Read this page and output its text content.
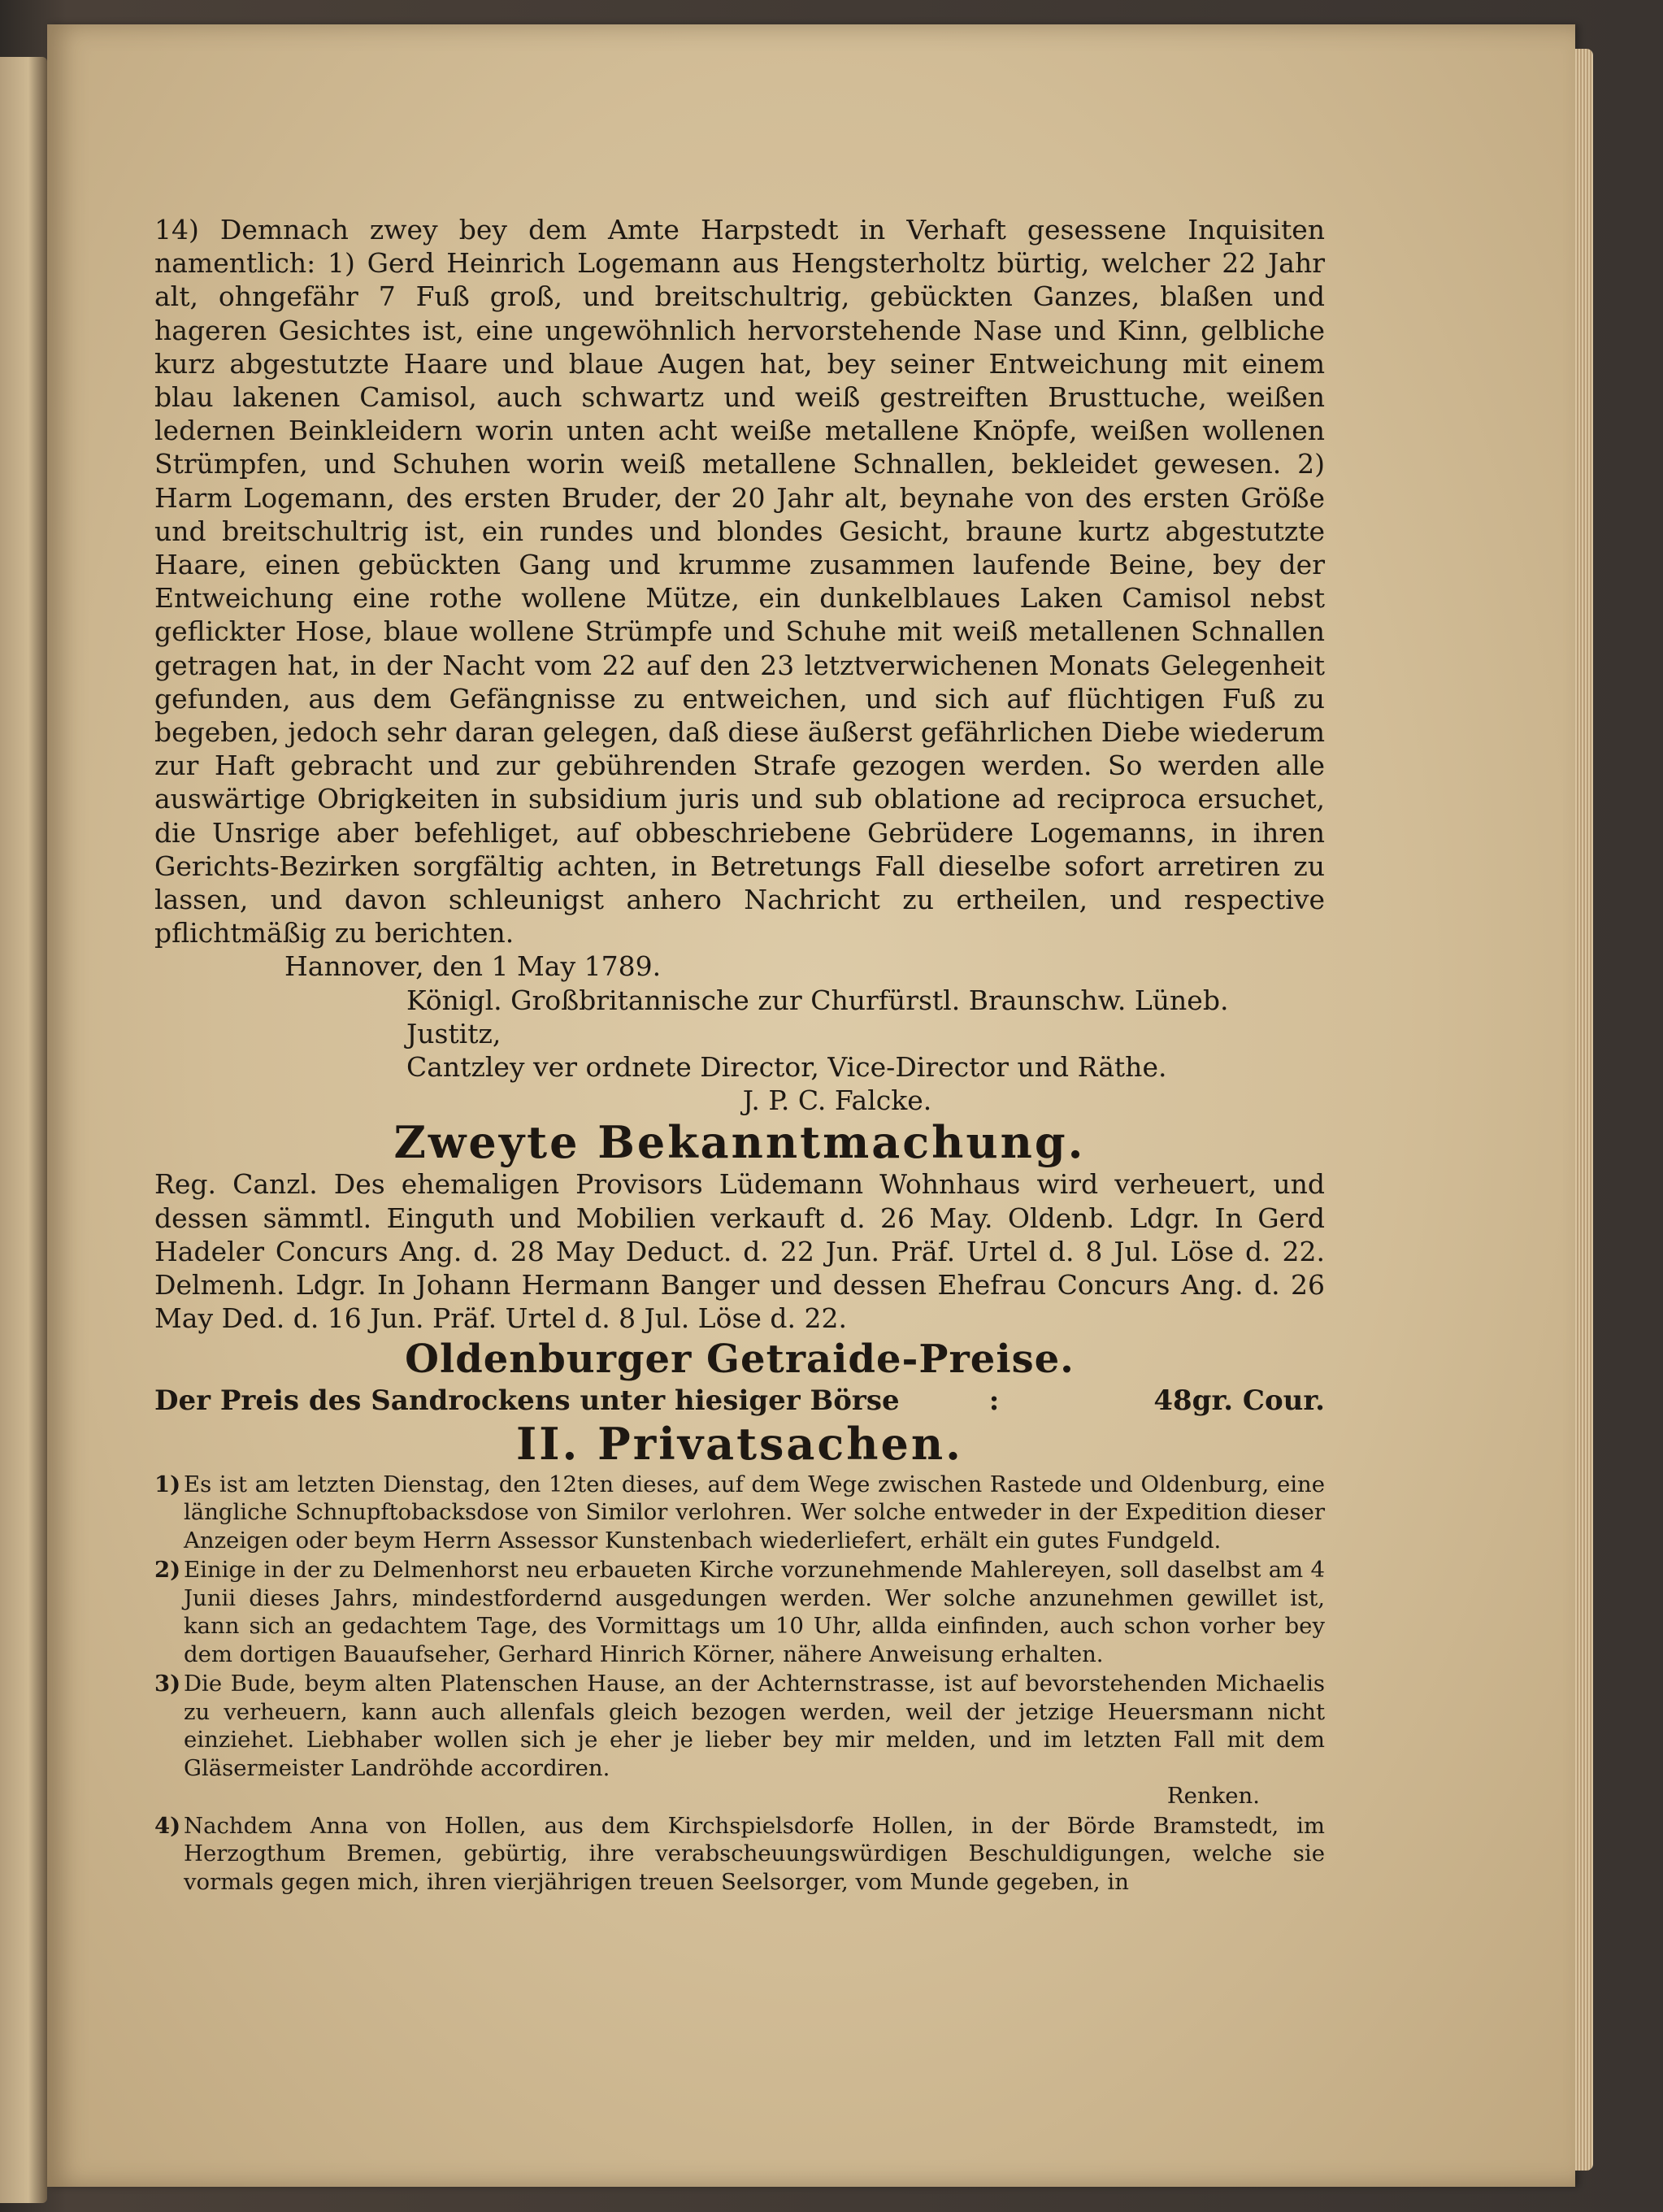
14) Demnach zwey bey dem Amte Harpstedt in Verhaft gesessene Inquisiten namentlich: 1) Gerd Heinrich Logemann aus Hengsterholtz bürtig, welcher 22 Jahr alt, ohngefähr 7 Fuß groß, und breitschultrig, gebückten Ganzes, blaßen und hageren Gesichtes ist, eine ungewöhnlich hervorstehende Nase und Kinn, gelbliche kurz abgestutzte Haare und blaue Augen hat, bey seiner Entweichung mit einem blau lakenen Camisol, auch schwartz und weiß gestreiften Brusttuche, weißen ledernen Beinkleidern worin unten acht weiße metallene Knöpfe, weißen wollenen Strümpfen, und Schuhen worin weiß metallene Schnallen, bekleidet gewesen. 2) Harm Logemann, des ersten Bruder, der 20 Jahr alt, beynahe von des ersten Größe und breitschultrig ist, ein rundes und blondes Gesicht, braune kurtz abgestutzte Haare, einen gebückten Gang und krumme zusammen laufende Beine, bey der Entweichung eine rothe wollene Mütze, ein dunkelblaues Laken Camisol nebst geflickter Hose, blaue wollene Strümpfe und Schuhe mit weiß metallenen Schnallen getragen hat, in der Nacht vom 22 auf den 23 letztverwichenen Monats Gelegenheit gefunden, aus dem Gefängnisse zu entweichen, und sich auf flüchtigen Fuß zu begeben, jedoch sehr daran gelegen, daß diese äußerst gefährlichen Diebe wiederum zur Haft gebracht und zur gebührenden Strafe gezogen werden. So werden alle auswärtige Obrigkeiten in subsidium juris und sub oblatione ad reciproca ersuchet, die Unsrige aber befehliget, auf obbeschriebene Gebrüdere Logemanns, in ihren Gerichts-Bezirken sorgfältig achten, in Betretungs Fall dieselbe sofort arretiren zu lassen, und davon schleunigst anhero Nachricht zu ertheilen, und respective pflichtmäßig zu berichten.

Hannover, den 1 May 1789.

Königl. Großbritannische zur Churfürstl. Braunschw. Lüneb. Justitz,

Cantzley ver ordnete Director, Vice-Director und Räthe.

J. P. C. Falcke.

Zweyte Bekanntmachung.

Reg. Canzl. Des ehemaligen Provisors Lüdemann Wohnhaus wird verheuert, und dessen sämmtl. Einguth und Mobilien verkauft d. 26 May. Oldenb. Ldgr. In Gerd Hadeler Concurs Ang. d. 28 May Deduct. d. 22 Jun. Präf. Urtel d. 8 Jul. Löse d. 22. Delmenh. Ldgr. In Johann Hermann Banger und dessen Ehefrau Concurs Ang. d. 26 May Ded. d. 16 Jun. Präf. Urtel d. 8 Jul. Löse d. 22.

Oldenburger Getraide-Preise.

Der Preis des Sandrockens unter hiesiger Börse	:	48gr. Cour.

II. Privatsachen.

1) Es ist am letzten Dienstag, den 12ten dieses, auf dem Wege zwischen Rastede und Oldenburg, eine längliche Schnupftobacksdose von Similor verlohren. Wer solche entweder in der Expedition dieser Anzeigen oder beym Herrn Assessor Kunstenbach wiederliefert, erhält ein gutes Fundgeld.
2) Einige in der zu Delmenhorst neu erbaueten Kirche vorzunehmende Mahlereyen, soll daselbst am 4 Junii dieses Jahrs, mindestfordernd ausgedungen werden. Wer solche anzunehmen gewillet ist, kann sich an gedachtem Tage, des Vormittags um 10 Uhr, allda einfinden, auch schon vorher bey dem dortigen Bauaufseher, Gerhard Hinrich Körner, nähere Anweisung erhalten.
3) Die Bude, beym alten Platenschen Hause, an der Achternstrasse, ist auf bevorstehenden Michaelis zu verheuern, kann auch allenfals gleich bezogen werden, weil der jetzige Heuersmann nicht einziehet. Liebhaber wollen sich je eher je lieber bey mir melden, und im letzten Fall mit dem Gläsermeister Landröhde accordiren.

Renken.

4) Nachdem Anna von Hollen, aus dem Kirchspielsdorfe Hollen, in der Börde Bramstedt, im Herzogthum Bremen, gebürtig, ihre verabscheuungswürdigen Beschuldigungen, welche sie vormals gegen mich, ihren vierjährigen treuen Seelsorger, vom Munde gegeben, in
